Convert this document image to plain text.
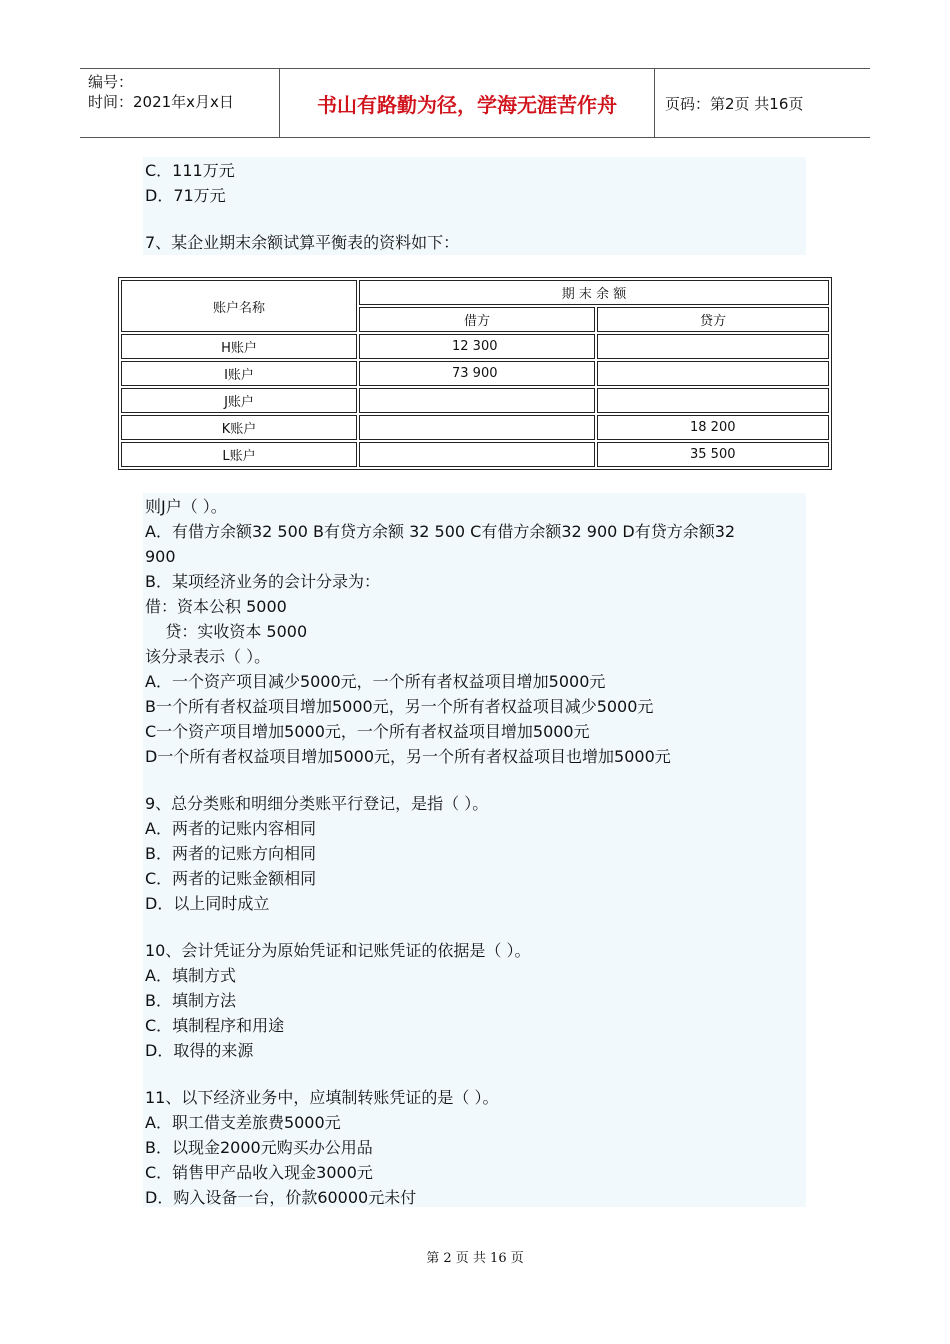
编号：
时间：2021年x月x日	书山有路勤为径，学海无涯苦作舟	页码：第2页 共16页
C．111万元
D．71万元
7、某企业期末余额试算平衡表的资料如下：
账户名称	期 末 余 额	
	借方	贷方
H账户	12 300	
I账户	73 900	
J账户		
K账户		18 200
L账户		35 500
则J户（ ）。
A．有借方余额32 500 B有贷方余额 32 500 C有借方余额32 900 D有贷方余额32
900
B．某项经济业务的会计分录为：
借：资本公积 5000
贷：实收资本 5000
该分录表示（ ）。
A．一个资产项目减少5000元，一个所有者权益项目增加5000元
B一个所有者权益项目增加5000元，另一个所有者权益项目减少5000元
C一个资产项目增加5000元，一个所有者权益项目增加5000元
D一个所有者权益项目增加5000元，另一个所有者权益项目也增加5000元
9、总分类账和明细分类账平行登记，是指（ ）。
A．两者的记账内容相同
B．两者的记账方向相同
C．两者的记账金额相同
D．以上同时成立
10、会计凭证分为原始凭证和记账凭证的依据是（ ）。
A．填制方式
B．填制方法
C．填制程序和用途
D．取得的来源
11、以下经济业务中，应填制转账凭证的是（ ）。
A．职工借支差旅费5000元
B．以现金2000元购买办公用品
C．销售甲产品收入现金3000元
D．购入设备一台，价款60000元未付
第 2 页 共 16 页
